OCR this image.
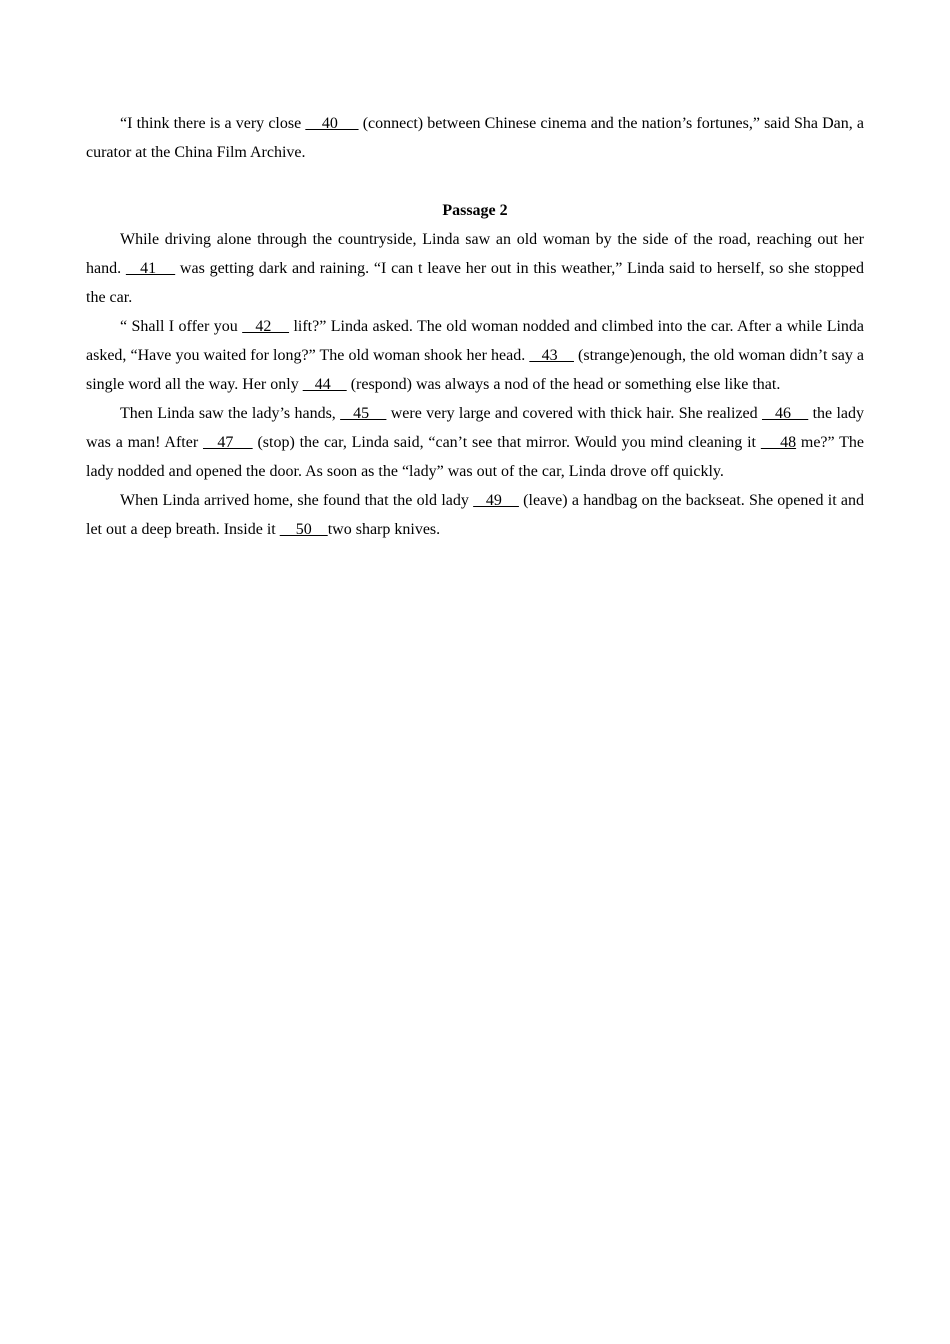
“I think there is a very close     40      (connect) between Chinese cinema and the nation’s fortunes,” said Sha Dan, a curator at the China Film Archive.

Passage 2

While driving alone through the countryside, Linda saw an old woman by the side of the road, reaching out her hand.    41     was getting dark and raining. “I can t leave her out in this weather,” Linda said to herself, so she stopped the car.

“ Shall I offer you    42     lift?” Linda asked. The old woman nodded and climbed into the car. After a while Linda asked, “Have you waited for long?” The old woman shook her head.    43     (strange)enough, the old woman didn’t say a single word all the way. Her only    44     (respond) was always a nod of the head or something else like that.

Then Linda saw the lady’s hands,    45     were very large and covered with thick hair. She realized    46     the lady was a man! After    47     (stop) the car, Linda said, “can’t see that mirror. Would you mind cleaning it     48 me?” The lady nodded and opened the door. As soon as the “lady” was out of the car, Linda drove off quickly.

When Linda arrived home, she found that the old lady    49     (leave) a handbag on the backseat. She opened it and let out a deep breath. Inside it     50    two sharp knives.
